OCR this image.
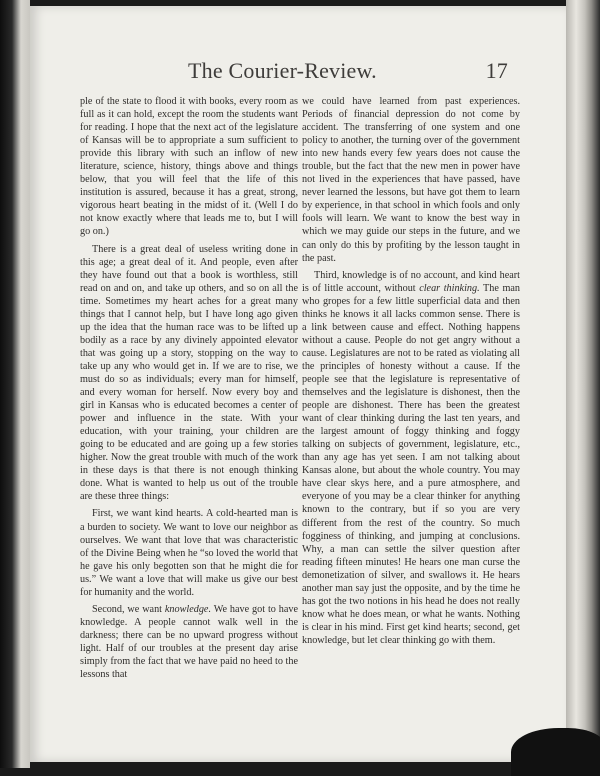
The Courier-Review.	17

ple of the state to flood it with books, every room as full as it can hold, except the room the students want for reading. I hope that the next act of the legislature of Kansas will be to appropriate a sum sufficient to provide this library with such an inflow of new literature, science, history, things above and things below, that you will feel that the life of this institution is assured, because it has a great, strong, vigorous heart beating in the midst of it. (Well I do not know exactly where that leads me to, but I will go on.)

There is a great deal of useless writing done in this age; a great deal of it. And people, even after they have found out that a book is worthless, still read on and on, and take up others, and so on all the time. Sometimes my heart aches for a great many things that I cannot help, but I have long ago given up the idea that the human race was to be lifted up bodily as a race by any divinely appointed elevator that was going up a story, stopping on the way to take up any who would get in. If we are to rise, we must do so as individuals; every man for himself, and every woman for herself. Now every boy and girl in Kansas who is educated becomes a center of power and influence in the state. With your education, with your training, your children are going to be educated and are going up a few stories higher. Now the great trouble with much of the work in these days is that there is not enough thinking done. What is wanted to help us out of the trouble are these three things:

First, we want kind hearts. A cold-hearted man is a burden to society. We want to love our neighbor as ourselves. We want that love that was characteristic of the Divine Being when he “so loved the world that he gave his only begotten son that he might die for us.” We want a love that will make us give our best for humanity and the world.

Second, we want knowledge. We have got to have knowledge. A people cannot walk well in the darkness; there can be no upward progress without light. Half of our troubles at the present day arise simply from the fact that we have paid no heed to the lessons that

we could have learned from past experiences. Periods of financial depression do not come by accident. The transferring of one system and one policy to another, the turning over of the government into new hands every few years does not cause the trouble, but the fact that the new men in power have not lived in the experiences that have passed, have never learned the lessons, but have got them to learn by experience, in that school in which fools and only fools will learn. We want to know the best way in which we may guide our steps in the future, and we can only do this by profiting by the lesson taught in the past.

Third, knowledge is of no account, and kind heart is of little account, without clear thinking. The man who gropes for a few little superficial data and then thinks he knows it all lacks common sense. There is a link between cause and effect. Nothing happens without a cause. People do not get angry without a cause. Legislatures are not to be rated as violating all the principles of honesty without a cause. If the people see that the legislature is representative of themselves and the legislature is dishonest, then the people are dishonest. There has been the greatest want of clear thinking during the last ten years, and the largest amount of foggy thinking and foggy talking on subjects of government, legislature, etc., than any age has yet seen. I am not talking about Kansas alone, but about the whole country. You may have clear skys here, and a pure atmosphere, and everyone of you may be a clear thinker for anything known to the contrary, but if so you are very different from the rest of the country. So much fogginess of thinking, and jumping at conclusions. Why, a man can settle the silver question after reading fifteen minutes! He hears one man curse the demonetization of silver, and swallows it. He hears another man say just the opposite, and by the time he has got the two notions in his head he does not really know what he does mean, or what he wants. Nothing is clear in his mind. First get kind hearts; second, get knowledge, but let clear thinking go with them.
